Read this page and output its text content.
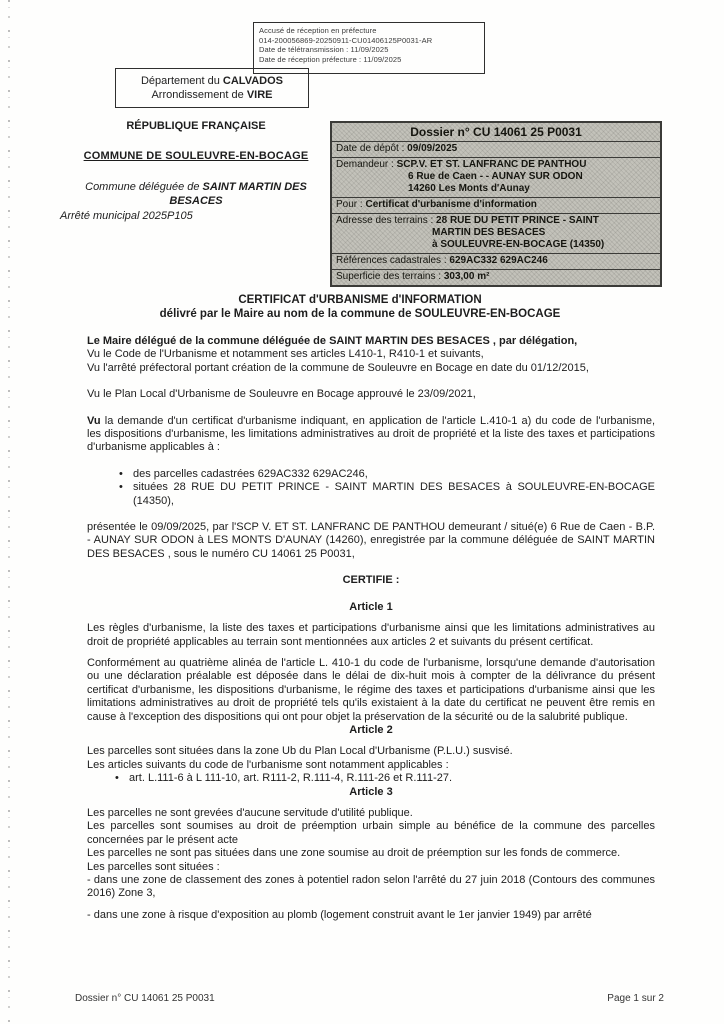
Accusé de réception en préfecture
014-200056869-20250911-CU01406125P0031-AR
Date de télétransmission : 11/09/2025
Date de réception préfecture : 11/09/2025
Département du CALVADOS
Arrondissement de VIRE

RÉPUBLIQUE FRANÇAISE

COMMUNE DE SOULEUVRE-EN-BOCAGE

Commune déléguée de SAINT MARTIN DES BESACES

Arrêté municipal 2025P105

Dossier n° CU 14061 25 P0031
Date de dépôt : 09/09/2025
Demandeur : SCP.V. ET ST. LANFRANC DE PANTHOU
6 Rue de Caen - - AUNAY SUR ODON
14260 Les Monts d'Aunay
Pour : Certificat d'urbanisme d'information
Adresse des terrains : 28 RUE DU PETIT PRINCE - SAINT
MARTIN DES BESACES
à SOULEUVRE-EN-BOCAGE (14350)
Références cadastrales : 629AC332 629AC246
Superficie des terrains : 303,00 m²
CERTIFICAT d'URBANISME d'INFORMATION
délivré par le Maire au nom de la commune de SOULEUVRE-EN-BOCAGE

Le Maire délégué de la commune déléguée de SAINT MARTIN DES BESACES , par délégation,

Vu le Code de l'Urbanisme et notamment ses articles L410-1, R410-1 et suivants,

Vu l'arrêté préfectoral portant création de la commune de Souleuvre en Bocage en date du 01/12/2015,

Vu le Plan Local d'Urbanisme de Souleuvre en Bocage approuvé le 23/09/2021,

Vu la demande d'un certificat d'urbanisme indiquant, en application de l'article L.410-1 a) du code de l'urbanisme, les dispositions d'urbanisme, les limitations administratives au droit de propriété et la liste des taxes et participations d'urbanisme applicables à :

• des parcelles cadastrées 629AC332 629AC246,
• situées 28 RUE DU PETIT PRINCE - SAINT MARTIN DES BESACES à SOULEUVRE-EN-BOCAGE (14350),

présentée le 09/09/2025, par l'SCP V. ET ST. LANFRANC DE PANTHOU demeurant / situé(e) 6 Rue de Caen - B.P. - AUNAY SUR ODON à LES MONTS D'AUNAY (14260), enregistrée par la commune déléguée de SAINT MARTIN DES BESACES , sous le numéro CU 14061 25 P0031,

CERTIFIE :

Article 1

Les règles d'urbanisme, la liste des taxes et participations d'urbanisme ainsi que les limitations administratives au droit de propriété applicables au terrain sont mentionnées aux articles 2 et suivants du présent certificat.

Conformément au quatrième alinéa de l'article L. 410-1 du code de l'urbanisme, lorsqu'une demande d'autorisation ou une déclaration préalable est déposée dans le délai de dix-huit mois à compter de la délivrance du présent certificat d'urbanisme, les dispositions d'urbanisme, le régime des taxes et participations d'urbanisme ainsi que les limitations administratives au droit de propriété tels qu'ils existaient à la date du certificat ne peuvent être remis en cause à l'exception des dispositions qui ont pour objet la préservation de la sécurité ou de la salubrité publique.

Article 2

Les parcelles sont situées dans la zone Ub du Plan Local d'Urbanisme (P.L.U.) susvisé.

Les articles suivants du code de l'urbanisme sont notamment applicables :

• art. L.111-6 à L 111-10, art. R111-2, R.111-4, R.111-26 et R.111-27.

Article 3

Les parcelles ne sont grevées d'aucune servitude d'utilité publique.

Les parcelles sont soumises au droit de préemption urbain simple au bénéfice de la commune des parcelles concernées par le présent acte

Les parcelles ne sont pas situées dans une zone soumise au droit de préemption sur les fonds de commerce.

Les parcelles sont situées :

- dans une zone de classement des zones à potentiel radon selon l'arrêté du 27 juin 2018 (Contours des communes 2016) Zone 3,

- dans une zone à risque d'exposition au plomb (logement construit avant le 1er janvier 1949) par arrêté

Dossier n° CU 14061 25 P0031	Page 1 sur 2
